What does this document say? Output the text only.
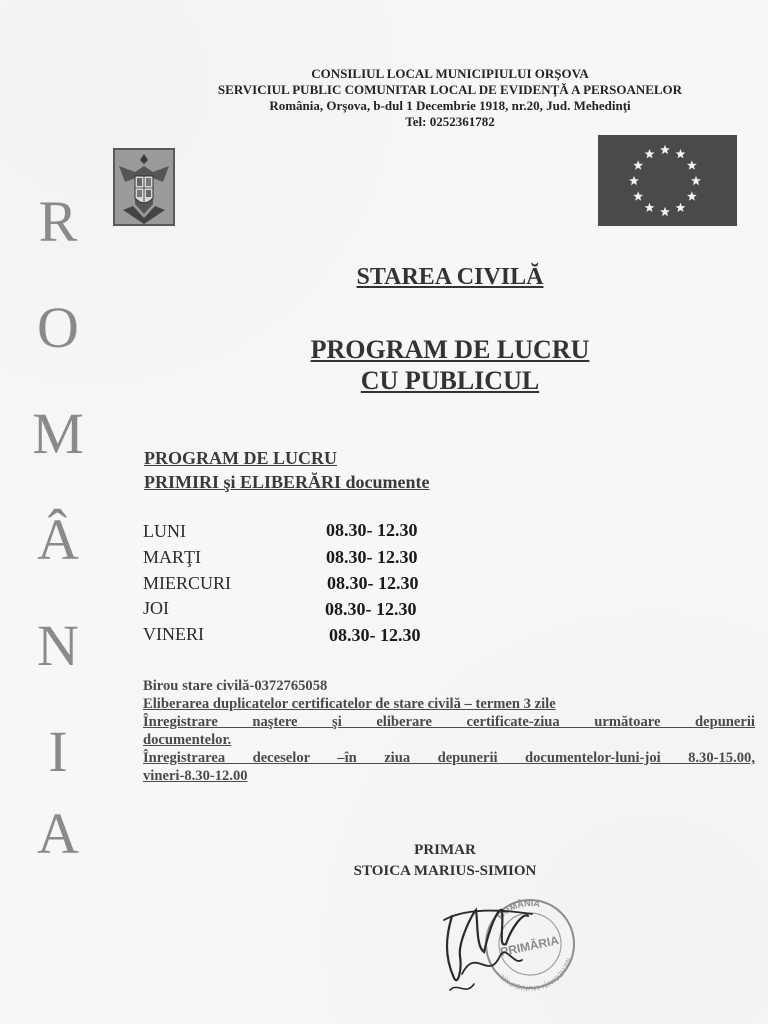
CONSILIUL LOCAL MUNICIPIULUI ORŞOVA
SERVICIUL PUBLIC COMUNITAR LOCAL DE EVIDENŢĂ A PERSOANELOR
România, Orşova, b-dul 1 Decembrie 1918, nr.20, Jud. Mehedinţi
Tel: 0252361782
R
O
M
Â
N
I
A
STAREA CIVILĂ
PROGRAM DE LUCRU
CU PUBLICUL
PROGRAM DE LUCRU
PRIMIRI şi ELIBERĂRI documente
LUNI	08.30- 12.30
MARŢI	08.30- 12.30
MIERCURI	08.30- 12.30
JOI	08.30- 12.30
VINERI	08.30- 12.30
Birou stare civilă-0372765058
Eliberarea duplicatelor certificatelor de stare civilă – termen 3 zile
Înregistrare naştere şi eliberare certificate-ziua următoare depunerii
documentelor.
Înregistrarea deceselor –în ziua depunerii documentelor-luni-joi 8.30-15.00,
vineri-8.30-12.00
PRIMAR
STOICA MARIUS-SIMION
ROMÂNIA
MEHEDINŢI·MUNICIPIUL
PRIMĂRIA
